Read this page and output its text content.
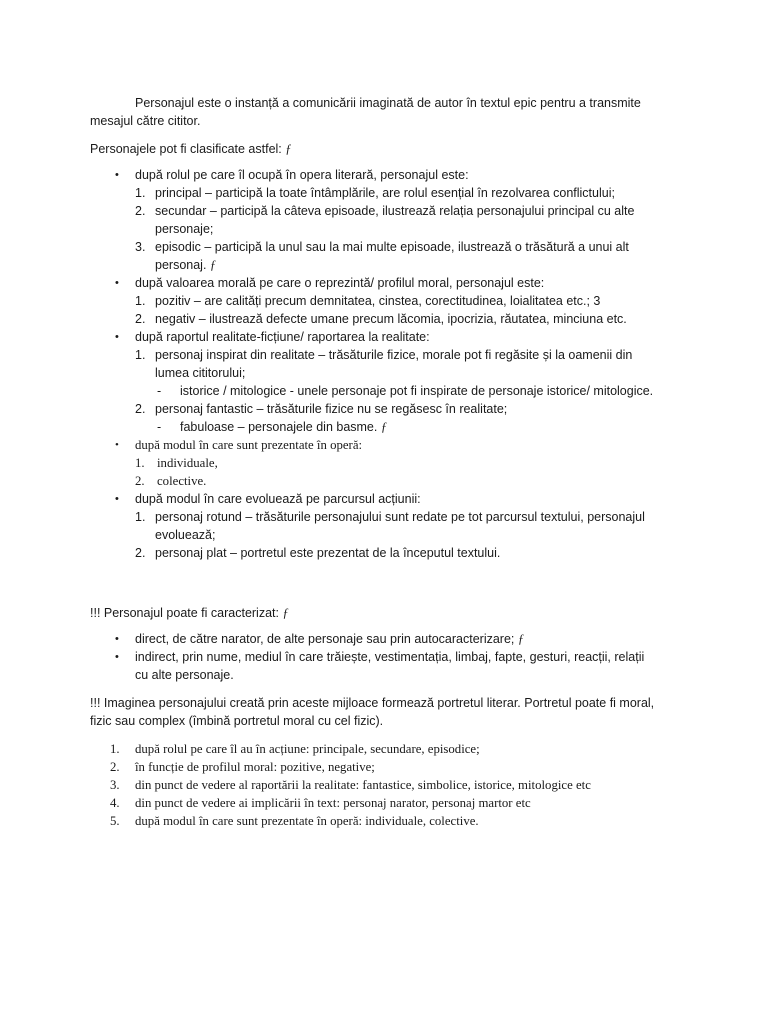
Personajul este o instanță a comunicării imaginată de autor în textul epic pentru a transmite
mesajul către cititor.
Personajele pot fi clasificate astfel: ƒ
• după rolul pe care îl ocupă în opera literară, personajul este:
1. principal – participă la toate întâmplările, are rolul esențial în rezolvarea conflictului;
2. secundar – participă la câteva episoade, ilustrează relația personajului principal cu alte
personaje;
3. episodic – participă la unul sau la mai multe episoade, ilustrează o trăsătură a unui alt
personaj. ƒ
• după valoarea morală pe care o reprezintă/ profilul moral, personajul este:
1. pozitiv – are calități precum demnitatea, cinstea, corectitudinea, loialitatea etc.; 3
2. negativ – ilustrează defecte umane precum lăcomia, ipocrizia, răutatea, minciuna etc.
• după raportul realitate-ficțiune/ raportarea la realitate:
1. personaj inspirat din realitate – trăsăturile fizice, morale pot fi regăsite și la oamenii din
lumea cititorului;
- istorice / mitologice - unele personaje pot fi inspirate de personaje istorice/ mitologice.
2. personaj fantastic – trăsăturile fizice nu se regăsesc în realitate;
- fabuloase – personajele din basme. ƒ
• după modul în care sunt prezentate în operă:
1. individuale,
2. colective.
• după modul în care evoluează pe parcursul acțiunii:
1. personaj rotund – trăsăturile personajului sunt redate pe tot parcursul textului, personajul
evoluează;
2. personaj plat – portretul este prezentat de la începutul textului.
!!! Personajul poate fi caracterizat: ƒ
• direct, de către narator, de alte personaje sau prin autocaracterizare; ƒ
• indirect, prin nume, mediul în care trăiește, vestimentația, limbaj, fapte, gesturi, reacții, relații
cu alte personaje.
!!! Imaginea personajului creată prin aceste mijloace formează portretul literar. Portretul poate fi moral,
fizic sau complex (îmbină portretul moral cu cel fizic).
1. după rolul pe care îl au în acțiune: principale, secundare, episodice;
2. în funcție de profilul moral: pozitive, negative;
3. din punct de vedere al raportării la realitate: fantastice, simbolice, istorice, mitologice etc
4. din punct de vedere ai implicării în text: personaj narator, personaj martor etc
5. după modul în care sunt prezentate în operă: individuale, colective.
